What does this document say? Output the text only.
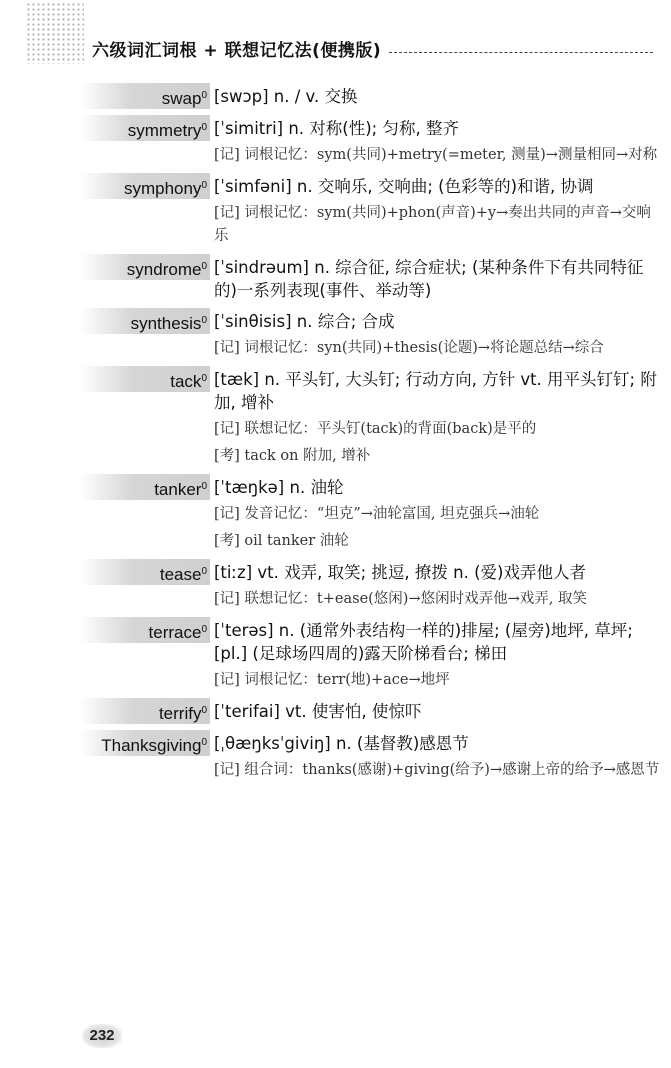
六级词汇词根 + 联想记忆法(便携版)
swap$^0$ [swɔp] n. / v. 交换
symmetry$^0$ [ˈsimitri] n. 对称(性); 匀称, 整齐
[记] 词根记忆：sym(共同)+metry(=meter, 测量)→测量相同→对称
symphony$^0$ [ˈsimfəni] n. 交响乐, 交响曲; (色彩等的)和谐, 协调
[记] 词根记忆：sym(共同)+phon(声音)+y→奏出共同的声音→交响乐
syndrome$^0$ [ˈsindrəum] n. 综合征, 综合症状; (某种条件下有共同特征的)一系列表现(事件、举动等)
synthesis$^0$ [ˈsinθisis] n. 综合; 合成
[记] 词根记忆：syn(共同)+thesis(论题)→将论题总结→综合
tack$^0$ [tæk] n. 平头钉, 大头钉; 行动方向, 方针 vt. 用平头钉钉; 附加, 增补
[记] 联想记忆：平头钉(tack)的背面(back)是平的
[考] tack on 附加, 增补
tanker$^0$ [ˈtæŋkə] n. 油轮
[记] 发音记忆：“坦克”→油轮富国, 坦克强兵→油轮
[考] oil tanker 油轮
tease$^0$ [tiːz] vt. 戏弄, 取笑; 挑逗, 撩拨 n. (爱)戏弄他人者
[记] 联想记忆：t+ease(悠闲)→悠闲时戏弄他→戏弄, 取笑
terrace$^0$ [ˈterəs] n. (通常外表结构一样的)排屋; (屋旁)地坪, 草坪; [pl.] (足球场四周的)露天阶梯看台; 梯田
[记] 词根记忆：terr(地)+ace→地坪
terrify$^0$ [ˈterifai] vt. 使害怕, 使惊吓
Thanksgiving$^0$ [ˌθæŋksˈgiviŋ] n. (基督教)感恩节
[记] 组合词：thanks(感谢)+giving(给予)→感谢上帝的给予→感恩节
232
